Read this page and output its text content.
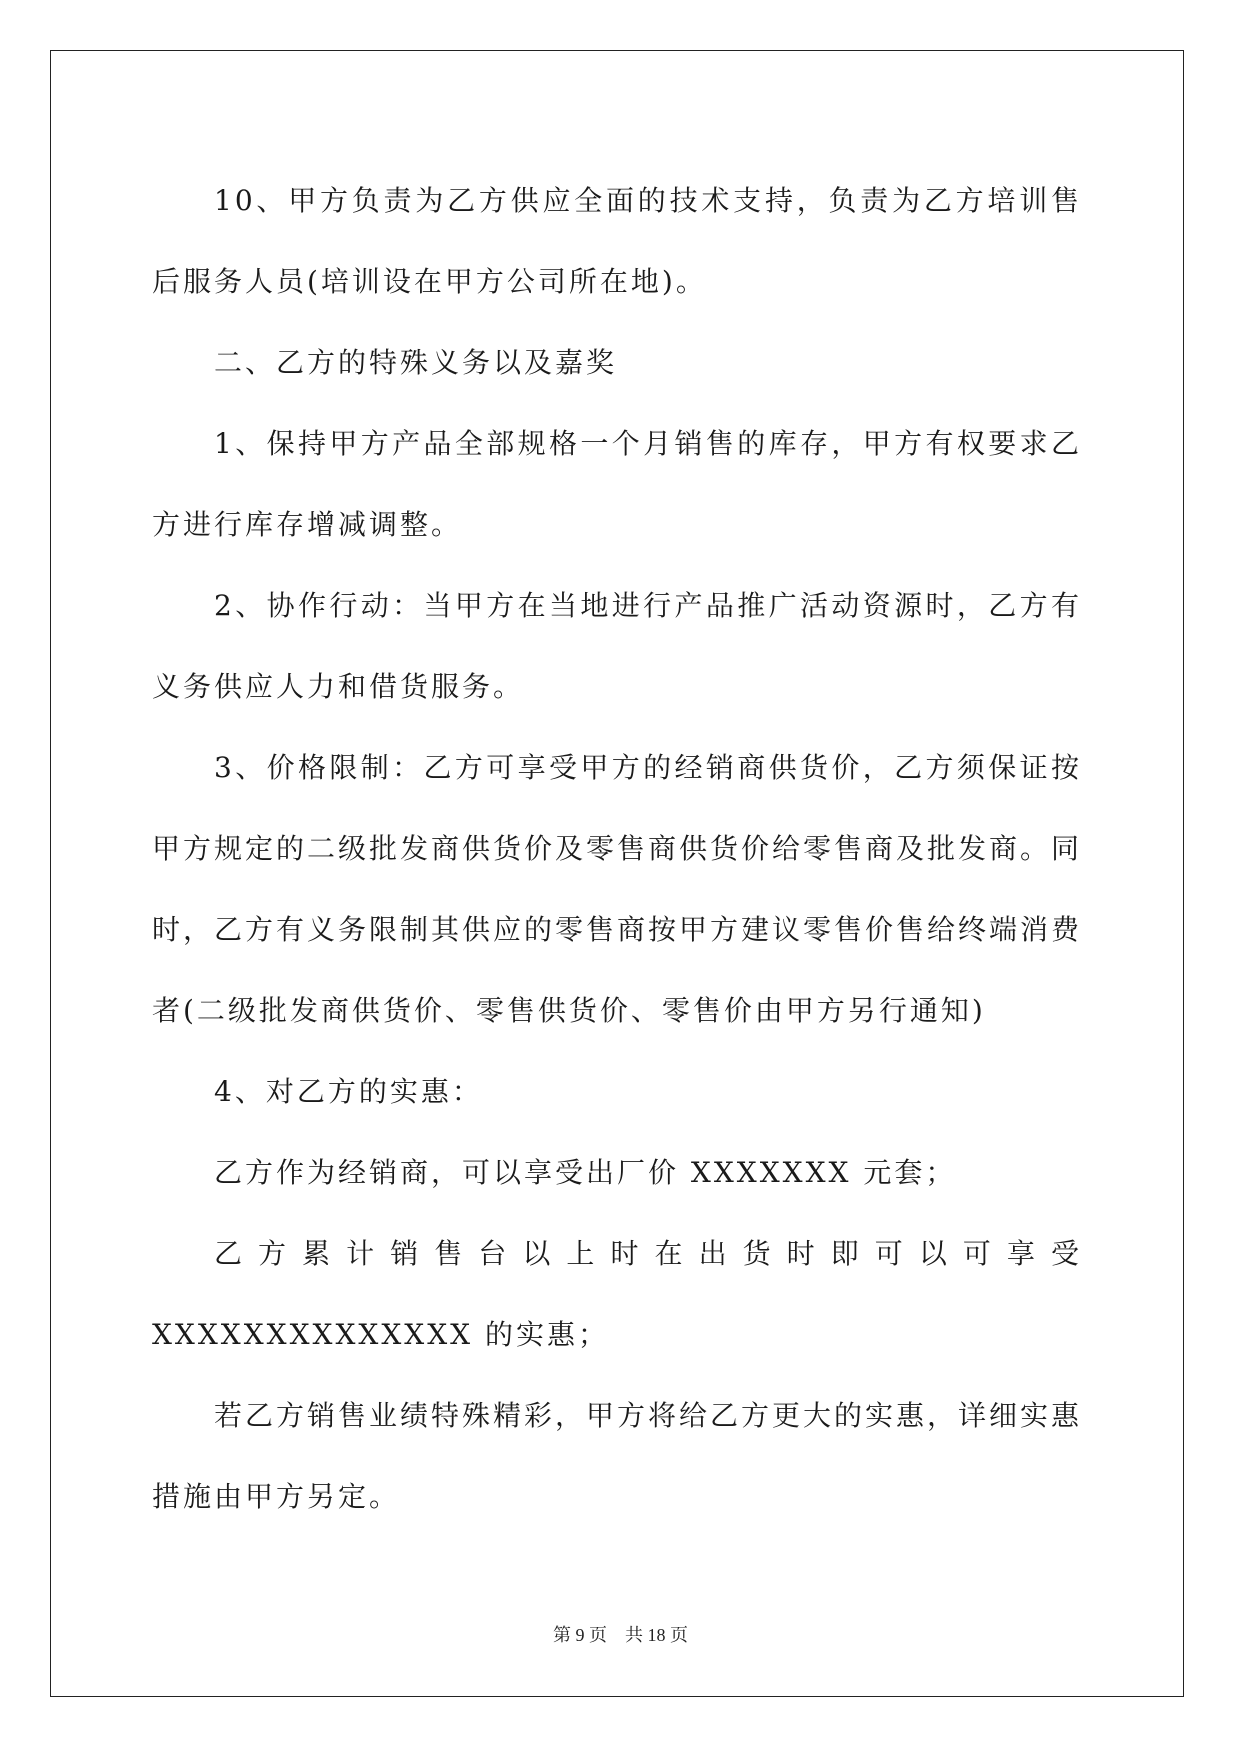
10、甲方负责为乙方供应全面的技术支持，负责为乙方培训售后服务人员(培训设在甲方公司所在地)。

二、乙方的特殊义务以及嘉奖

1、保持甲方产品全部规格一个月销售的库存，甲方有权要求乙方进行库存增减调整。

2、协作行动：当甲方在当地进行产品推广活动资源时，乙方有义务供应人力和借货服务。

3、价格限制：乙方可享受甲方的经销商供货价，乙方须保证按甲方规定的二级批发商供货价及零售商供货价给零售商及批发商。同时，乙方有义务限制其供应的零售商按甲方建议零售价售给终端消费者(二级批发商供货价、零售供货价、零售价由甲方另行通知)

4、对乙方的实惠：

乙方作为经销商，可以享受出厂价 XXXXXXX 元套；

乙方累计销售台以上时在出货时即可以可享受 XXXXXXXXXXXXXX 的实惠；

若乙方销售业绩特殊精彩，甲方将给乙方更大的实惠，详细实惠措施由甲方另定。

第 9 页 共 18 页
